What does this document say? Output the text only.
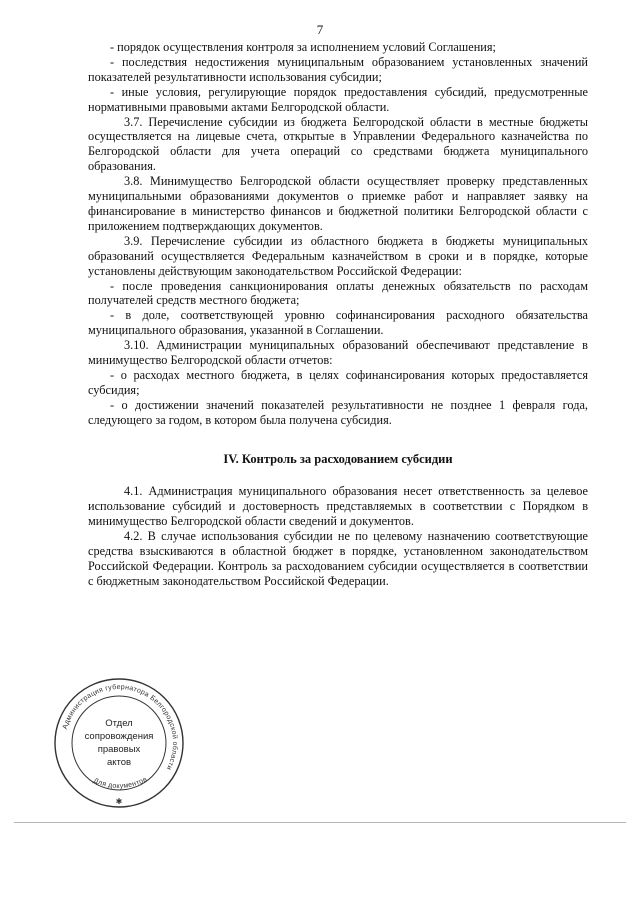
7

- порядок осуществления контроля за исполнением условий Соглашения;

- последствия недостижения муниципальным образованием установленных значений показателей результативности использования субсидии;

- иные условия, регулирующие порядок предоставления субсидий, предусмотренные нормативными правовыми актами Белгородской области.

3.7. Перечисление субсидии из бюджета Белгородской области в местные бюджеты осуществляется на лицевые счета, открытые в Управлении Федерального казначейства по Белгородской области для учета операций со средствами бюджета муниципального образования.

3.8. Минимущество Белгородской области осуществляет проверку представленных муниципальными образованиями документов о приемке работ и направляет заявку на финансирование в министерство финансов и бюджетной политики Белгородской области с приложением подтверждающих документов.

3.9. Перечисление субсидии из областного бюджета в бюджеты муниципальных образований осуществляется Федеральным казначейством в сроки и в порядке, которые установлены действующим законодательством Российской Федерации:

- после проведения санкционирования оплаты денежных обязательств по расходам получателей средств местного бюджета;

- в доле, соответствующей уровню софинансирования расходного обязательства муниципального образования, указанной в Соглашении.

3.10. Администрации муниципальных образований обеспечивают представление в минимущество Белгородской области отчетов:

- о расходах местного бюджета, в целях софинансирования которых предоставляется субсидия;

- о достижении значений показателей результативности не позднее 1 февраля года, следующего за годом, в котором была получена субсидия.

IV. Контроль за расходованием субсидии

4.1. Администрация муниципального образования несет ответственность за целевое использование субсидий и достоверность представляемых в соответствии с Порядком в минимущество Белгородской области сведений и документов.

4.2. В случае использования субсидии не по целевому назначению соответствующие средства взыскиваются в областной бюджет в порядке, установленном законодательством Российской Федерации. Контроль за расходованием субсидии осуществляется в соответствии с бюджетным законодательством Российской Федерации.

Администрация губернатора Белгородской области
Для документов
Отдел
сопровождения
правовых
актов
✱
